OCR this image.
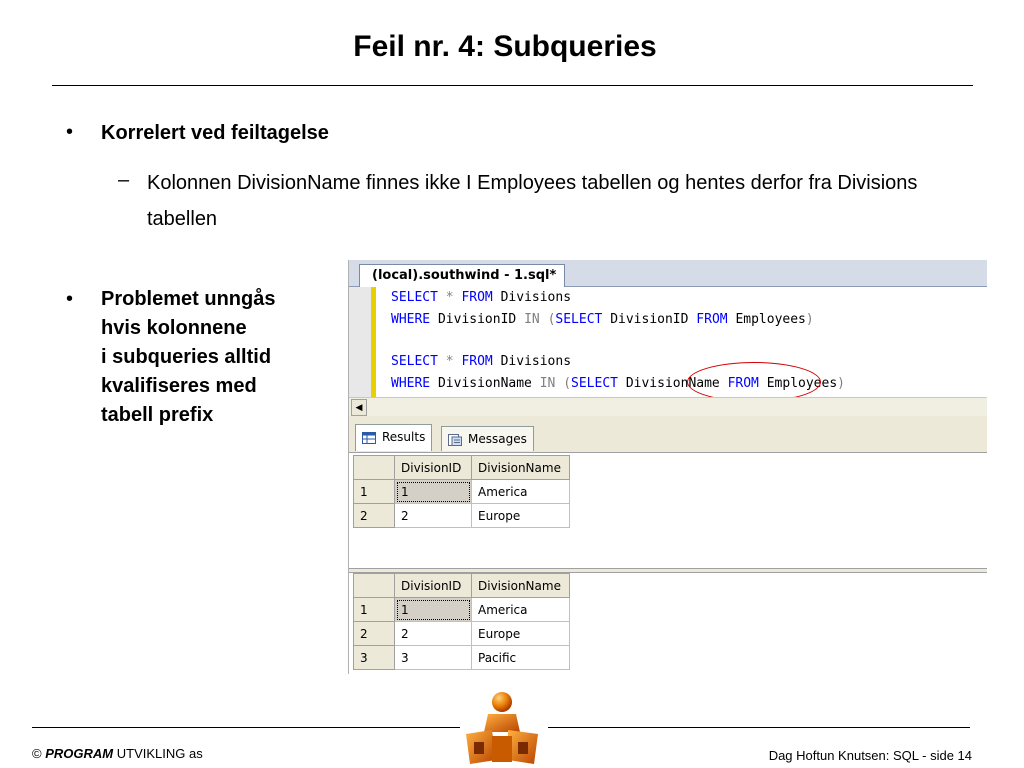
Feil nr. 4: Subqueries
• Korrelert ved feiltagelse
– Kolonnen DivisionName finnes ikke I Employees tabellen og hentes derfor fra Divisions tabellen
• Problemet unngås
hvis kolonnene
i subqueries alltid
kvalifiseres med
tabell prefix
(local).southwind - 1.sql*
SELECT * FROM Divisions
WHERE DivisionID IN (SELECT DivisionID FROM Employees)
SELECT * FROM Divisions
WHERE DivisionName IN (SELECT DivisionName FROM Employees)
◀
Results	Messages
	DivisionID	DivisionName
1	1	America
2	2	Europe
	DivisionID	DivisionName
1	1	America
2	2	Europe
3	3	Pacific
© PROGRAM UTVIKLING as	Dag Hoftun Knutsen: SQL - side 14
